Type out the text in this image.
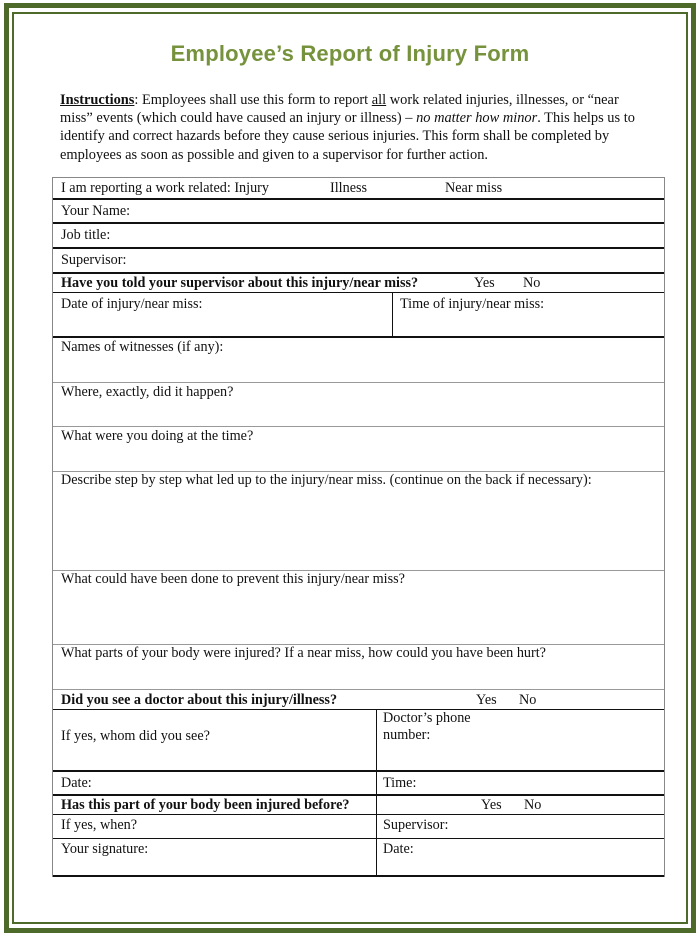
Employee’s Report of Injury Form
Instructions: Employees shall use this form to report all work related injuries, illnesses, or “near miss” events (which could have caused an injury or illness) – no matter how minor. This helps us to identify and correct hazards before they cause serious injuries. This form shall be completed by employees as soon as possible and given to a supervisor for further action.
I am reporting a work related: Injury	Illness	Near miss
Your Name:
Job title:
Supervisor:
Have you told your supervisor about this injury/near miss?	Yes No
Date of injury/near miss:	Time of injury/near miss:
Names of witnesses (if any):
Where, exactly, did it happen?
What were you doing at the time?
Describe step by step what led up to the injury/near miss. (continue on the back if necessary):
What could have been done to prevent this injury/near miss?
What parts of your body were injured? If a near miss, how could you have been hurt?
Did you see a doctor about this injury/illness?	Yes No
If yes, whom did you see?
Doctor’s phone
number:
Date:	Time:
Has this part of your body been injured before?	Yes No
If yes, when?	Supervisor:
Your signature:	Date:
